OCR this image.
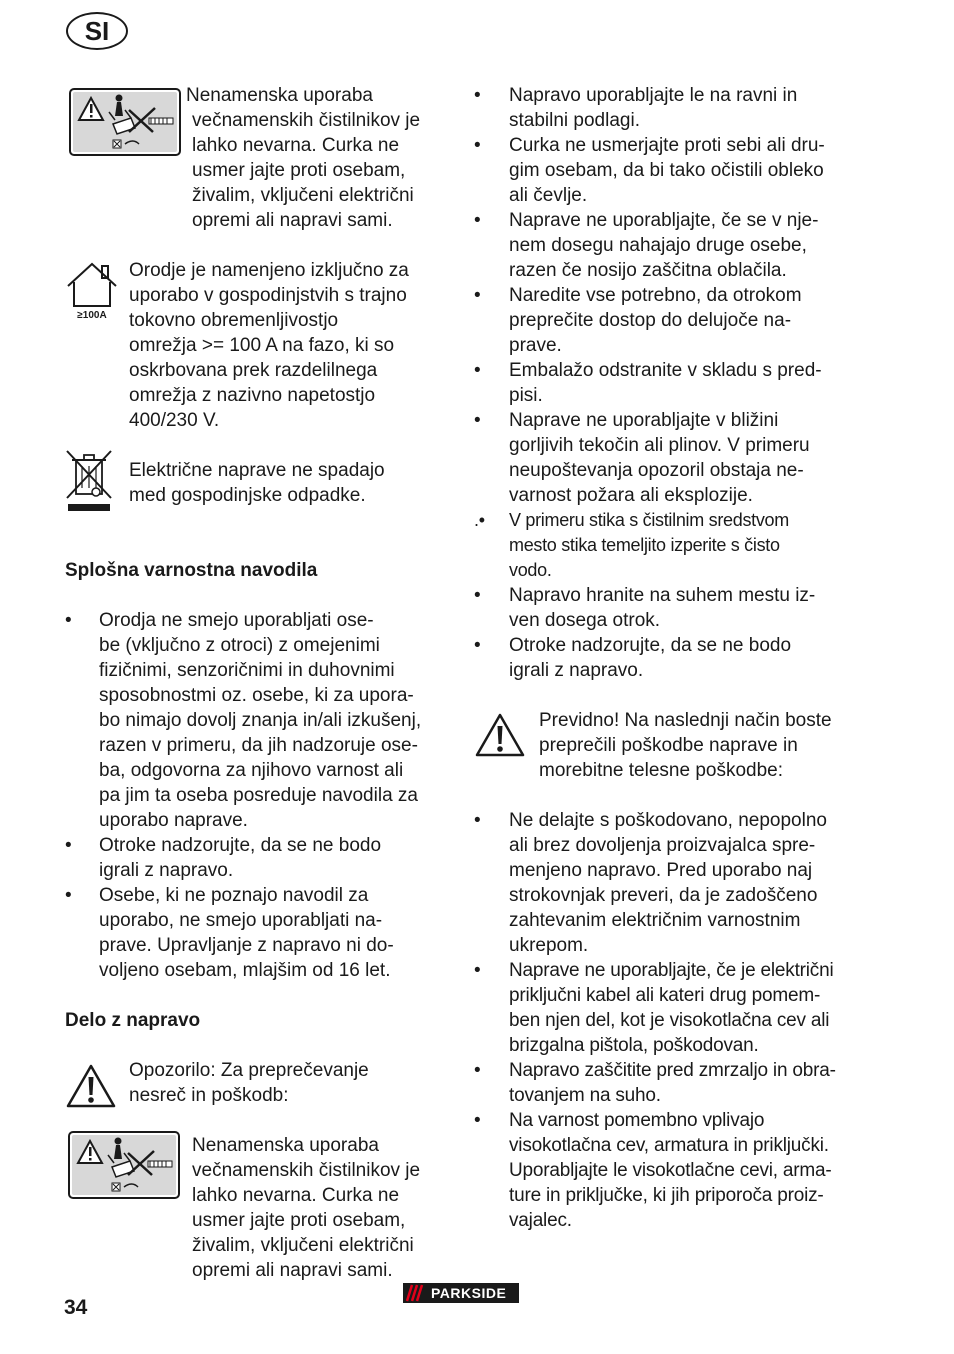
SI
Nenamenska uporaba
večnamenskih čistilnikov je
lahko nevarna. Curka ne
usmer jajte proti osebam,
živalim, vključeni električni
opremi ali napravi sami.
≥100A
Orodje je namenjeno izključno za
uporabo v gospodinjstvih s trajno
tokovno obremenljivostjo
omrežja >= 100 A na fazo, ki so
oskrbovana prek razdelilnega
omrežja z nazivno napetostjo
400/230 V.
Električne naprave ne spadajo
med gospodinjske odpadke.
Splošna varnostna navodila
• Orodja ne smejo uporabljati ose-
be (vključno z otroci) z omejenimi
fizičnimi, senzoričnimi in duhovnimi
sposobnostmi oz. osebe, ki za upora-
bo nimajo dovolj znanja in/ali izkušenj,
razen v primeru, da jih nadzoruje ose-
ba, odgovorna za njihovo varnost ali
pa jim ta oseba posreduje navodila za
uporabo naprave.
• Otroke nadzorujte, da se ne bodo
igrali z napravo.
• Osebe, ki ne poznajo navodil za
uporabo, ne smejo uporabljati na-
prave. Upravljanje z napravo ni do-
voljeno osebam, mlajšim od 16 let.
Delo z napravo
Opozorilo: Za preprečevanje
nesreč in poškodb:
Nenamenska uporaba
večnamenskih čistilnikov je
lahko nevarna. Curka ne
usmer jajte proti osebam,
živalim, vključeni električni
opremi ali napravi sami.
• Napravo uporabljajte le na ravni in
stabilni podlagi.
• Curka ne usmerjajte proti sebi ali dru-
gim osebam, da bi tako očistili obleko
ali čevlje.
• Naprave ne uporabljajte, če se v nje-
nem dosegu nahajajo druge osebe,
razen če nosijo zaščitna oblačila.
• Naredite vse potrebno, da otrokom
preprečite dostop do delujoče na-
prave.
• Embalažo odstranite v skladu s pred-
pisi.
• Naprave ne uporabljajte v bližini
gorljivih tekočin ali plinov. V primeru
neupoštevanja opozoril obstaja ne-
varnost požara ali eksplozije.
.• V primeru stika s čistilnim sredstvom
mesto stika temeljito izperite s čisto
vodo.
• Napravo hranite na suhem mestu iz-
ven dosega otrok.
• Otroke nadzorujte, da se ne bodo
igrali z napravo.
Previdno! Na naslednji način boste
preprečili poškodbe naprave in
morebitne telesne poškodbe:
• Ne delajte s poškodovano, nepopolno
ali brez dovoljenja proizvajalca spre-
menjeno napravo. Pred uporabo naj
strokovnjak preveri, da je zadoščeno
zahtevanim električnim varnostnim
ukrepom.
• Naprave ne uporabljajte, če je električni
priključni kabel ali kateri drug pomem-
ben njen del, kot je visokotlačna cev ali
brizgalna pištola, poškodovan.
• Napravo zaščitite pred zmrzaljo in obra-
tovanjem na suho.
• Na varnost pomembno vplivajo
visokotlačna cev, armatura in priključki.
Uporabljajte le visokotlačne cevi, arma-
ture in priključke, ki jih priporoča proiz-
vajalec.
34
PARKSIDE
